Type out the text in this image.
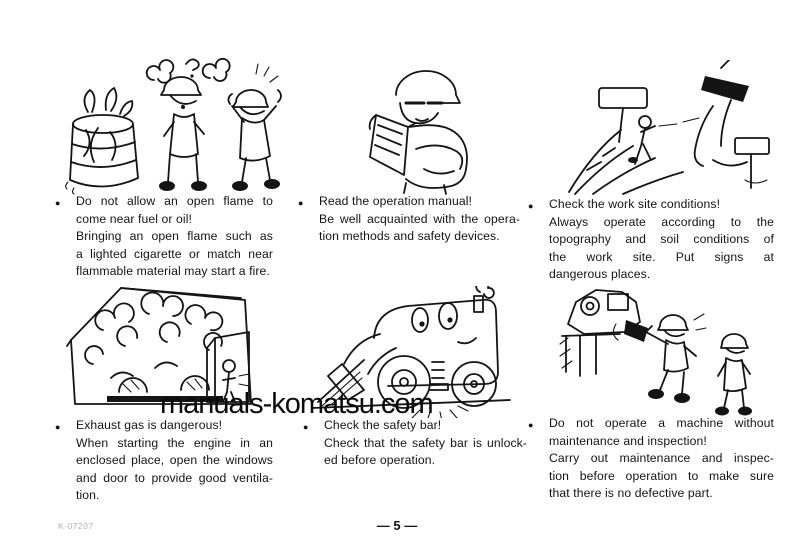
●	Do not allow an open flame to
come near fuel or oil!
Bringing an open flame such as
a lighted cigarette or match near
flammable material may start a fire.
●	Read the operation manual!
Be well acquainted with the opera-
tion methods and safety devices.
●	Check the work site conditions!
Always operate according to the
topography and soil conditions of
the work site. Put signs at
dangerous places.
●	Exhaust gas is dangerous!
When starting the engine in an
enclosed place, open the windows
and door to provide good ventila-
tion.
●	Check the safety bar!
Check that the safety bar is unlock-
ed before operation.
●	Do not operate a machine without
maintenance and inspection!
Carry out maintenance and inspec-
tion before operation to make sure
that there is no defective part.
manuals-komatsu.com
K-07207	— 5 —
